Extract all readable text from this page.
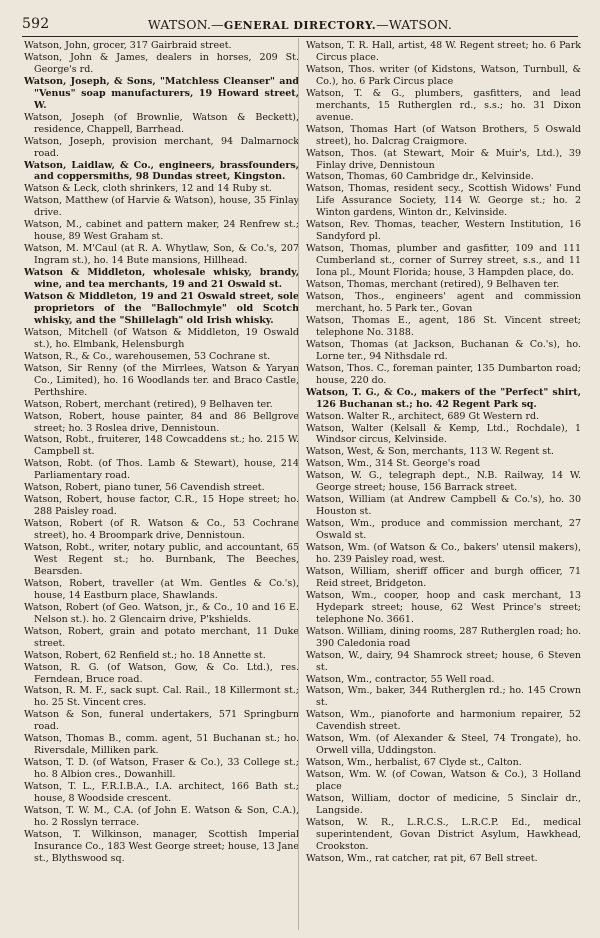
592	WATSON.—GENERAL DIRECTORY.—WATSON.
Watson, John, grocer, 317 Gairbraid street.
Watson, John & James, dealers in horses, 209 St. George's rd.
Watson, Joseph, & Sons, "Matchless Cleanser" and "Venus" soap manufacturers, 19 Howard street, W.
Watson, Joseph (of Brownlie, Watson & Beckett), residence, Chappell, Barrhead.
Watson, Joseph, provision merchant, 94 Dalmarnock road.
Watson, Laidlaw, & Co., engineers, brassfounders, and coppersmiths, 98 Dundas street, Kingston.
Watson & Leck, cloth shrinkers, 12 and 14 Ruby st.
Watson, Matthew (of Harvie & Watson), house, 35 Finlay drive.
Watson, M., cabinet and pattern maker, 24 Renfrew st.; house, 89 West Graham st.
Watson, M. M'Caul (at R. A. Whytlaw, Son, & Co.'s, 207 Ingram st.), ho. 14 Bute mansions, Hillhead.
Watson & Middleton, wholesale whisky, brandy, wine, and tea merchants, 19 and 21 Oswald st.
Watson & Middleton, 19 and 21 Oswald street, sole proprietors of the "Ballochmyle" old Scotch whisky, and the "Shillelagh" old Irish whisky.
Watson, Mitchell (of Watson & Middleton, 19 Oswald st.), ho. Elmbank, Helensburgh
Watson, R., & Co., warehousemen, 53 Cochrane st.
Watson, Sir Renny (of the Mirrlees, Watson & Yaryan Co., Limited), ho. 16 Woodlands ter. and Braco Castle, Perthshire.
Watson, Robert, merchant (retired), 9 Belhaven ter.
Watson, Robert, house painter, 84 and 86 Bellgrove street; ho. 3 Roslea drive, Dennistoun.
Watson, Robt., fruiterer, 148 Cowcaddens st.; ho. 215 W. Campbell st.
Watson, Robt. (of Thos. Lamb & Stewart), house, 214 Parliamentary road.
Watson, Robert, piano tuner, 56 Cavendish street.
Watson, Robert, house factor, C.R., 15 Hope street; ho. 288 Paisley road.
Watson, Robert (of R. Watson & Co., 53 Cochrane street), ho. 4 Broompark drive, Dennistoun.
Watson, Robt., writer, notary public, and accountant, 65 West Regent st.; ho. Burnbank, The Beeches, Bearsden.
Watson, Robert, traveller (at Wm. Gentles & Co.'s), house, 14 Eastburn place, Shawlands.
Watson, Robert (of Geo. Watson, jr., & Co., 10 and 16 E. Nelson st.). ho. 2 Glencairn drive, P'kshields.
Watson, Robert, grain and potato merchant, 11 Duke street.
Watson, Robert, 62 Renfield st.; ho. 18 Annette st.
Watson, R. G. (of Watson, Gow, & Co. Ltd.), res. Ferndean, Bruce road.
Watson, R. M. F., sack supt. Cal. Rail., 18 Killermont st.; ho. 25 St. Vincent cres.
Watson & Son, funeral undertakers, 571 Springburn road.
Watson, Thomas B., comm. agent, 51 Buchanan st.; ho. Riversdale, Milliken park.
Watson, T. D. (of Watson, Fraser & Co.), 33 College st.; ho. 8 Albion cres., Dowanhill.
Watson, T. L., F.R.I.B.A., I.A. architect, 166 Bath st.; house, 8 Woodside crescent.
Watson, T. W. M., C.A. (of John E. Watson & Son, C.A.), ho. 2 Rosslyn terrace.
Watson, T. Wilkinson, manager, Scottish Imperial Insurance Co., 183 West George street; house, 13 Jane st., Blythswood sq.
Watson, T. R. Hall, artist, 48 W. Regent street; ho. 6 Park Circus place.
Watson, Thos. writer (of Kidstons, Watson, Turnbull, & Co.), ho. 6 Park Circus place
Watson, T. & G., plumbers, gasfitters, and lead merchants, 15 Rutherglen rd., s.s.; ho. 31 Dixon avenue.
Watson, Thomas Hart (of Watson Brothers, 5 Oswald street), ho. Dalcrag Craigmore.
Watson, Thos. (at Stewart, Moir & Muir's, Ltd.), 39 Finlay drive, Dennistoun
Watson, Thomas, 60 Cambridge dr., Kelvinside.
Watson, Thomas, resident secy., Scottish Widows' Fund Life Assurance Society, 114 W. George st.; ho. 2 Winton gardens, Winton dr., Kelvinside.
Watson, Rev. Thomas, teacher, Western Institution, 16 Sandyford pl.
Watson, Thomas, plumber and gasfitter, 109 and 111 Cumberland st., corner of Surrey street, s.s., and 11 Iona pl., Mount Florida; house, 3 Hampden place, do.
Watson, Thomas, merchant (retired), 9 Belhaven ter.
Watson, Thos., engineers' agent and commission merchant, ho. 5 Park ter., Govan
Watson, Thomas E., agent, 186 St. Vincent street; telephone No. 3188.
Watson, Thomas (at Jackson, Buchanan & Co.'s), ho. Lorne ter., 94 Nithsdale rd.
Watson, Thos. C., foreman painter, 135 Dumbarton road; house, 220 do.
Watson, T. G., & Co., makers of the "Perfect" shirt, 126 Buchanan st.; ho. 42 Regent Park sq.
Watson. Walter R., architect, 689 Gt Western rd.
Watson, Walter (Kelsall & Kemp, Ltd., Rochdale), 1 Windsor circus, Kelvinside.
Watson, West, & Son, merchants, 113 W. Regent st.
Watson, Wm., 314 St. George's road
Watson, W. G., telegraph dept., N.B. Railway, 14 W. George street; house, 156 Barrack street.
Watson, William (at Andrew Campbell & Co.'s), ho. 30 Houston st.
Watson, Wm., produce and commission merchant, 27 Oswald st.
Watson, Wm. (of Watson & Co., bakers' utensil makers), ho. 239 Paisley road, west.
Watson, William, sheriff officer and burgh officer, 71 Reid street, Bridgeton.
Watson, Wm., cooper, hoop and cask merchant, 13 Hydepark street; house, 62 West Prince's street; telephone No. 3661.
Watson. William, dining rooms, 287 Rutherglen road; ho. 390 Caledonia road
Watson, W., dairy, 94 Shamrock street; house, 6 Steven st.
Watson, Wm., contractor, 55 Well road.
Watson, Wm., baker, 344 Rutherglen rd.; ho. 145 Crown st.
Watson, Wm., pianoforte and harmonium repairer, 52 Cavendish street.
Watson, Wm. (of Alexander & Steel, 74 Trongate), ho. Orwell villa, Uddingston.
Watson, Wm., herbalist, 67 Clyde st., Calton.
Watson, Wm. W. (of Cowan, Watson & Co.), 3 Holland place
Watson, William, doctor of medicine, 5 Sinclair dr., Langside.
Watson, W. R., L.R.C.S., L.R.C.P. Ed., medical superintendent, Govan District Asylum, Hawkhead, Crookston.
Watson, Wm., rat catcher, rat pit, 67 Bell street.
